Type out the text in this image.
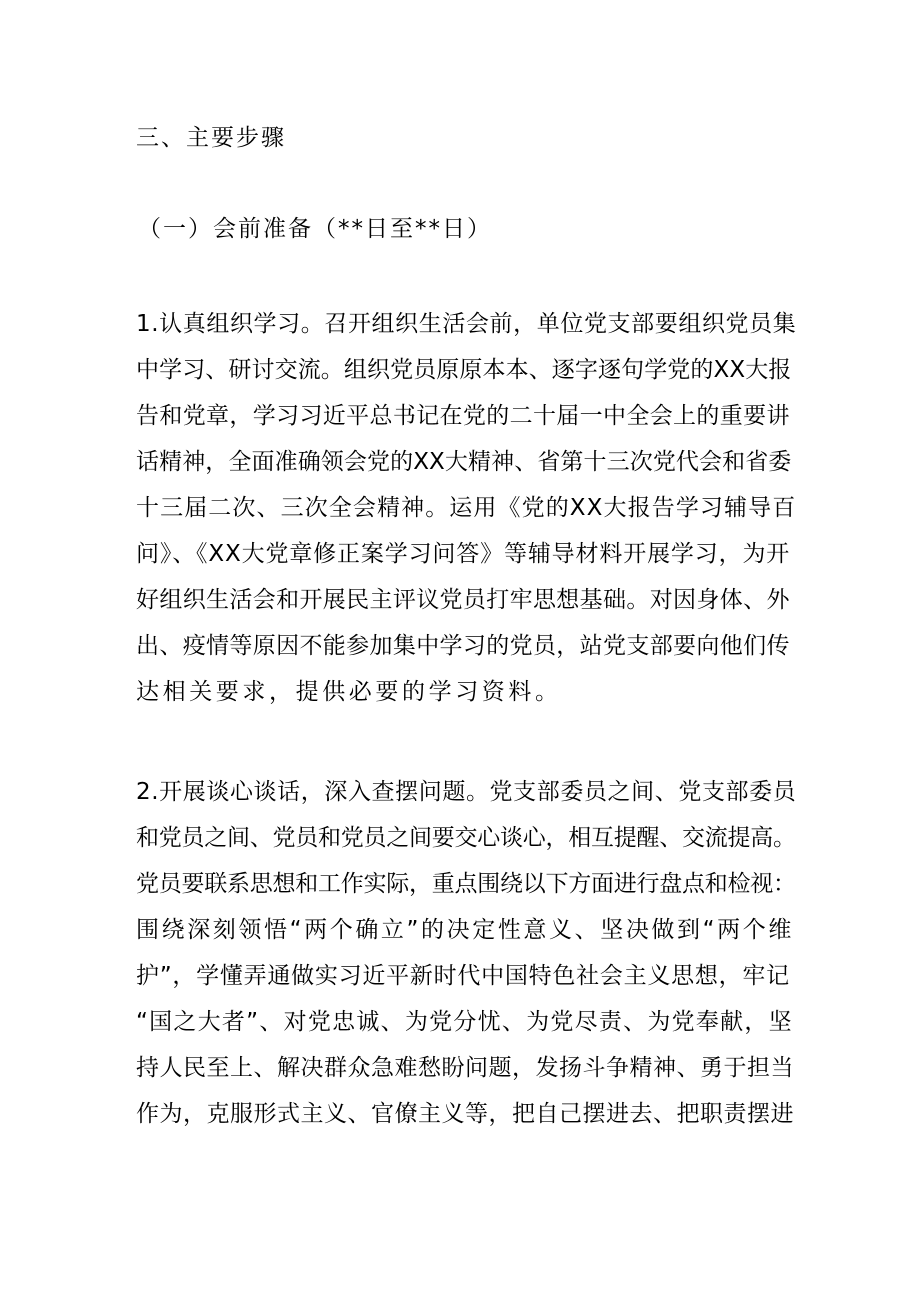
三、主要步骤
（一）会前准备（**日至**日）
1.认真组织学习。召开组织生活会前，单位党支部要组织党员集
中学习、研讨交流。组织党员原原本本、逐字逐句学党的XX大报
告和党章，学习习近平总书记在党的二十届一中全会上的重要讲
话精神，全面准确领会党的XX大精神、省第十三次党代会和省委
十三届二次、三次全会精神。运用《党的XX大报告学习辅导百
问》、《XX大党章修正案学习问答》等辅导材料开展学习，为开
好组织生活会和开展民主评议党员打牢思想基础。对因身体、外
出、疫情等原因不能参加集中学习的党员，站党支部要向他们传
达相关要求，提供必要的学习资料。
2.开展谈心谈话，深入查摆问题。党支部委员之间、党支部委员
和党员之间、党员和党员之间要交心谈心，相互提醒、交流提高。
党员要联系思想和工作实际，重点围绕以下方面进行盘点和检视：
围绕深刻领悟“两个确立”的决定性意义、坚决做到“两个维
护”，学懂弄通做实习近平新时代中国特色社会主义思想，牢记
“国之大者”、对党忠诚、为党分忧、为党尽责、为党奉献，坚
持人民至上、解决群众急难愁盼问题，发扬斗争精神、勇于担当
作为，克服形式主义、官僚主义等，把自己摆进去、把职责摆进
